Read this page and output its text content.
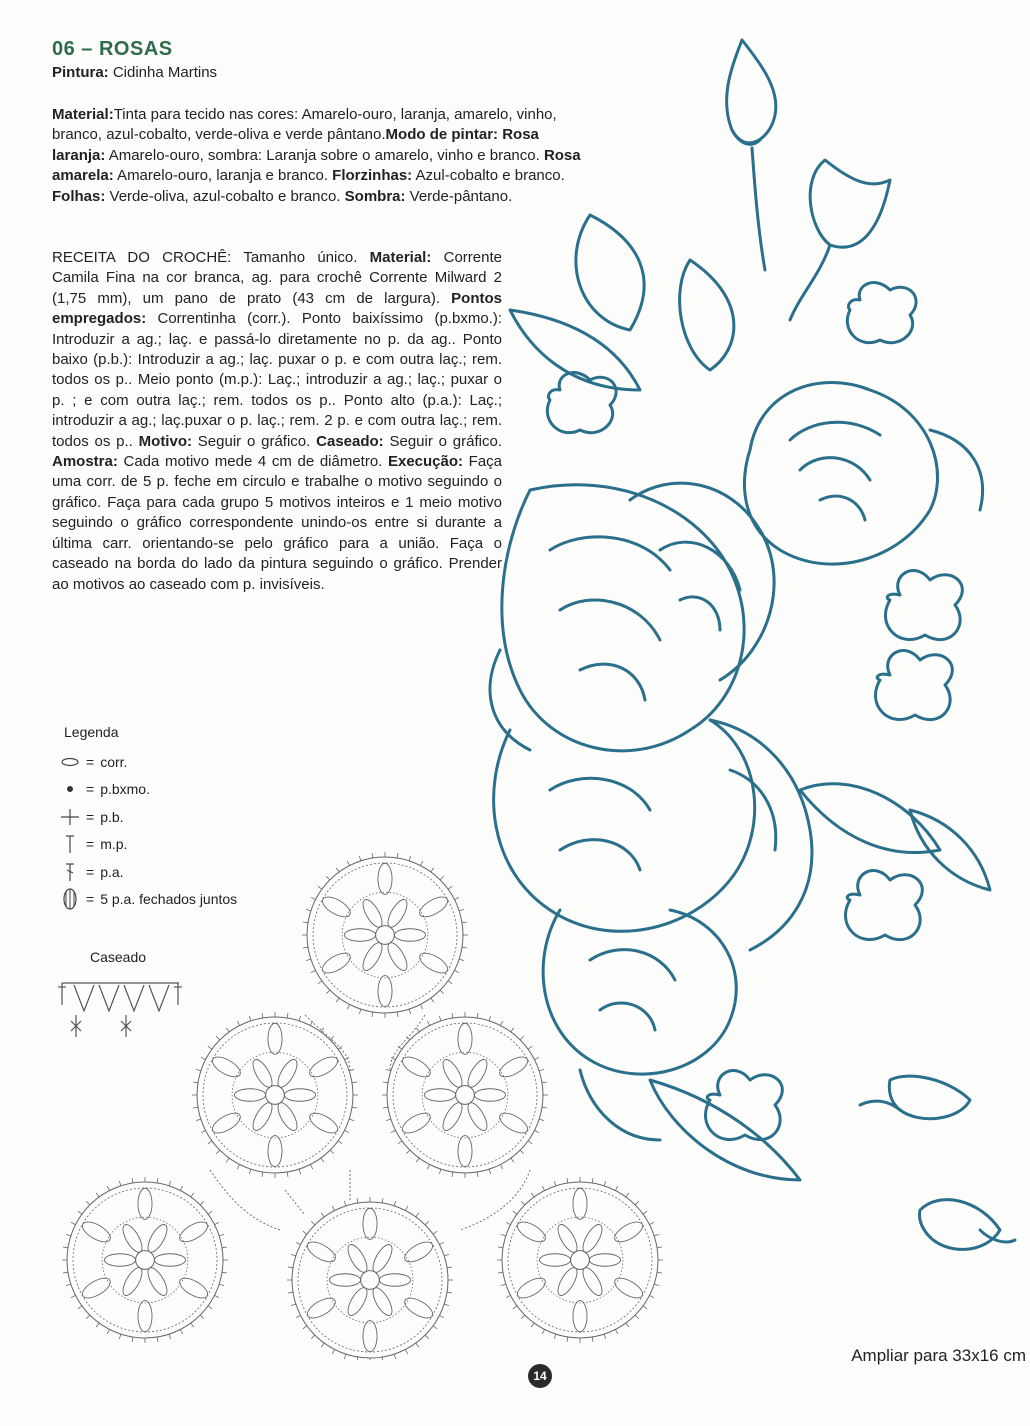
06 – ROSAS
Pintura: Cidinha Martins
Material:Tinta para tecido nas cores: Amarelo-ouro, laranja, amarelo, vinho, branco, azul-cobalto, verde-oliva e verde pântano.Modo de pintar: Rosa laranja: Amarelo-ouro, sombra: Laranja sobre o amarelo, vinho e branco. Rosa amarela: Amarelo-ouro, laranja e branco. Florzinhas: Azul-cobalto e branco. Folhas: Verde-oliva, azul-cobalto e branco. Sombra: Verde-pântano.
RECEITA DO CROCHÊ: Tamanho único. Material: Corrente Camila Fina na cor branca, ag. para crochê Corrente Milward 2 (1,75 mm), um pano de prato (43 cm de largura). Pontos empregados: Correntinha (corr.). Ponto baixíssimo (p.bxmo.): Introduzir a ag.; laç. e passá-lo diretamente no p. da ag.. Ponto baixo (p.b.): Introduzir a ag.; laç. puxar o p. e com outra laç.; rem. todos os p.. Meio ponto (m.p.): Laç.; introduzir a ag.; laç.; puxar o p. ; e com outra laç.; rem. todos os p.. Ponto alto (p.a.): Laç.; introduzir a ag.; laç.puxar o p. laç.; rem. 2 p. e com outra laç.; rem. todos os p.. Motivo: Seguir o gráfico. Caseado: Seguir o gráfico. Amostra: Cada motivo mede 4 cm de diâmetro. Execução: Faça uma corr. de 5 p. feche em circulo e trabalhe o motivo seguindo o gráfico. Faça para cada grupo 5 motivos inteiros e 1 meio motivo seguindo o gráfico correspondente unindo-os entre si durante a última carr. orientando-se pelo gráfico para a união. Faça o caseado na borda do lado da pintura seguindo o gráfico. Prender ao motivos ao caseado com p. invisíveis.
Legenda
= corr.
= p.bxmo.
= p.b.
= m.p.
= p.a.
= 5 p.a. fechados juntos
Caseado
Ampliar para 33x16 cm
14
